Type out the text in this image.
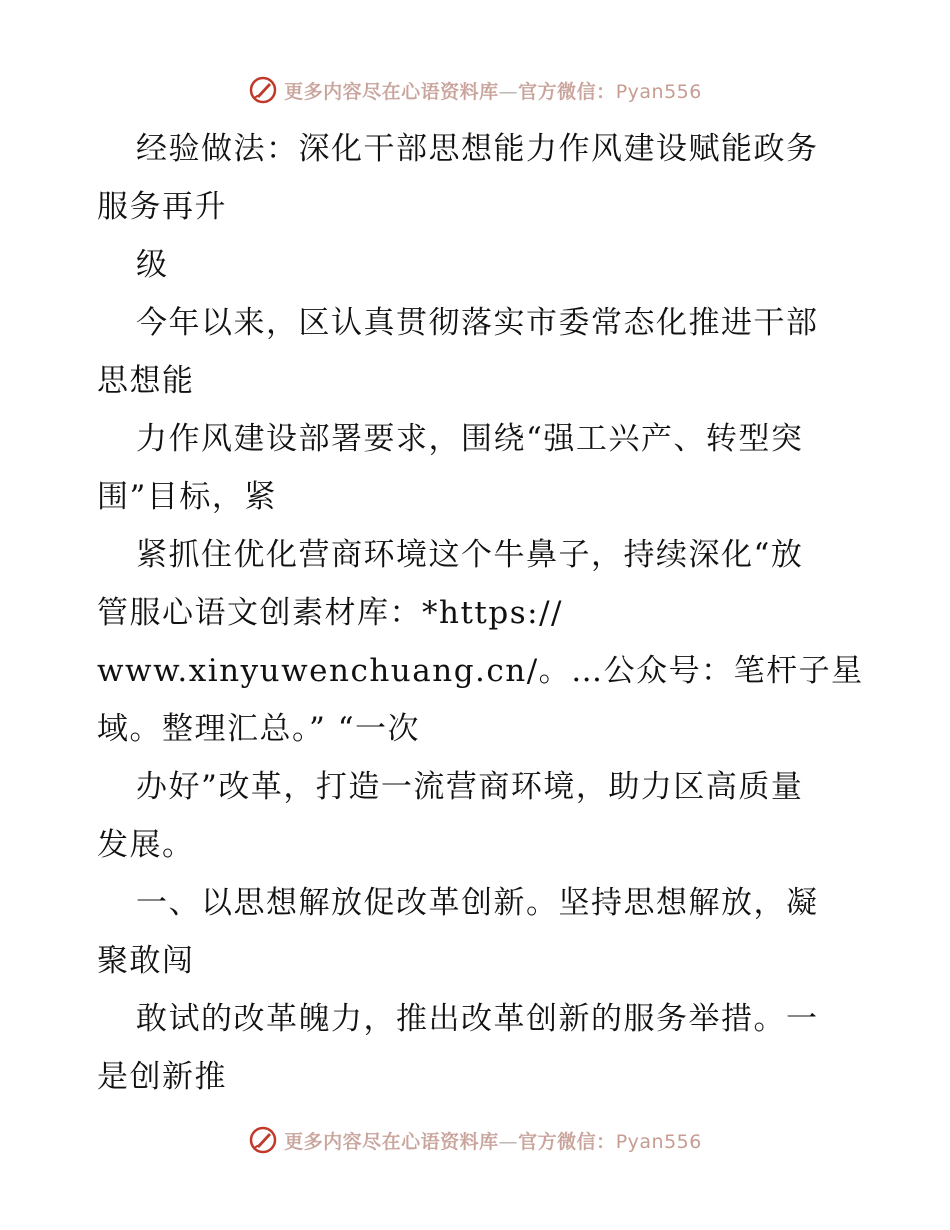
更多内容尽在心语资料库—官方微信：Pyan556
经验做法：深化干部思想能力作风建设赋能政务
服务再升
级
今年以来，区认真贯彻落实市委常态化推进干部
思想能
力作风建设部署要求，围绕“强工兴产、转型突
围”目标，紧
紧抓住优化营商环境这个牛鼻子，持续深化“放
管服心语文创素材库：*https://
www.xinyuwenchuang.cn/。…公众号：笔杆子星
域。整理汇总。” “一次
办好”改革，打造一流营商环境，助力区高质量
发展。
一、以思想解放促改革创新。坚持思想解放，凝
聚敢闯
敢试的改革魄力，推出改革创新的服务举措。一
是创新推
更多内容尽在心语资料库—官方微信：Pyan556
